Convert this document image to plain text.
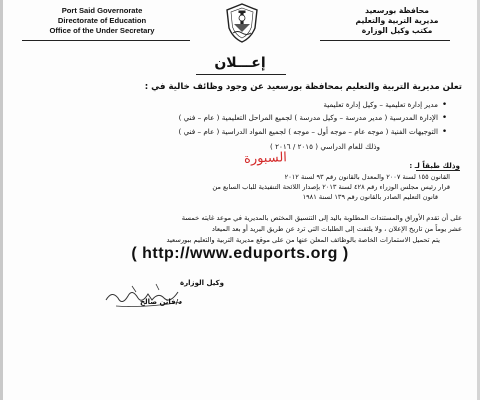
Port Said Governorate
Directorate of Education
Office of the Under Secretary
محافظة بورسعيد
مديرية التربية والتعليم
مكتب وكيل الوزارة
إعـــلان
تعلن مديرية التربية والتعليم بمحافظة بورسعيد عن وجود وظائف خالية في :
•مدير إدارة تعليمية – وكيل إدارة تعليمية
•الإدارة المدرسية ( مدير مدرسة – وكيل مدرسة ) لجميع المراحل التعليمية ( عام – فني )
•التوجيهات الفنية ( موجه عام – موجه أول – موجه ) لجميع المواد الدراسية ( عام – فني )
وذلك للعام الدراسي ( ٢٠١٥ / ٢٠١٦ )
السبورة	وذلك طبقاً لـ :
القانون ١٥٥ لسنة ٢٠٠٧ والمعدل بالقانون رقم ٩٣ لسنة ٢٠١٢
قرار رئيس مجلس الوزراء رقم ٤٢٨ لسنة ٢٠١٣ بإصدار اللائحة التنفيذية للباب السابع من
قانون التعليم الصادر بالقانون رقم ١٣٩ لسنة ١٩٨١
على أن تقدم الأوراق والمستندات المطلوبة باليد إلى التنسيق المختص بالمديرية في موعد غايته خمسة
عشر يوماً من تاريخ الإعلان ، ولا يلتفت إلى الطلبات التي ترد عن طريق البريد أو بعد الميعاد
يتم تحميل الاستمارات الخاصة بالوظائف المعلن عنها من على موقع مديرية التربية والتعليم ببورسعيد
( http://www.eduports.org )
وكيل الوزارة
د/فاتن صالح
